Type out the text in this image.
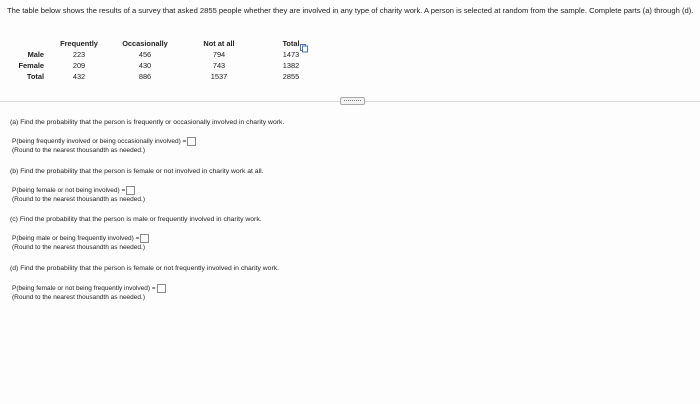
The table below shows the results of a survey that asked 2855 people whether they are involved in any type of charity work. A person is selected at random from the sample. Complete parts (a) through (d).
	Frequently	Occasionally	Not at all	Total
Male	223	456	794	1473
Female	209	430	743	1382
Total	432	886	1537	2855
(a) Find the probability that the person is frequently or occasionally involved in charity work.
P(being frequently involved or being occasionally involved) =
(Round to the nearest thousandth as needed.)
(b) Find the probability that the person is female or not involved in charity work at all.
P(being female or not being involved) =
(Round to the nearest thousandth as needed.)
(c) Find the probability that the person is male or frequently involved in charity work.
P(being male or being frequently involved) =
(Round to the nearest thousandth as needed.)
(d) Find the probability that the person is female or not frequently involved in charity work.
P(being female or not being frequently involved) =
(Round to the nearest thousandth as needed.)
